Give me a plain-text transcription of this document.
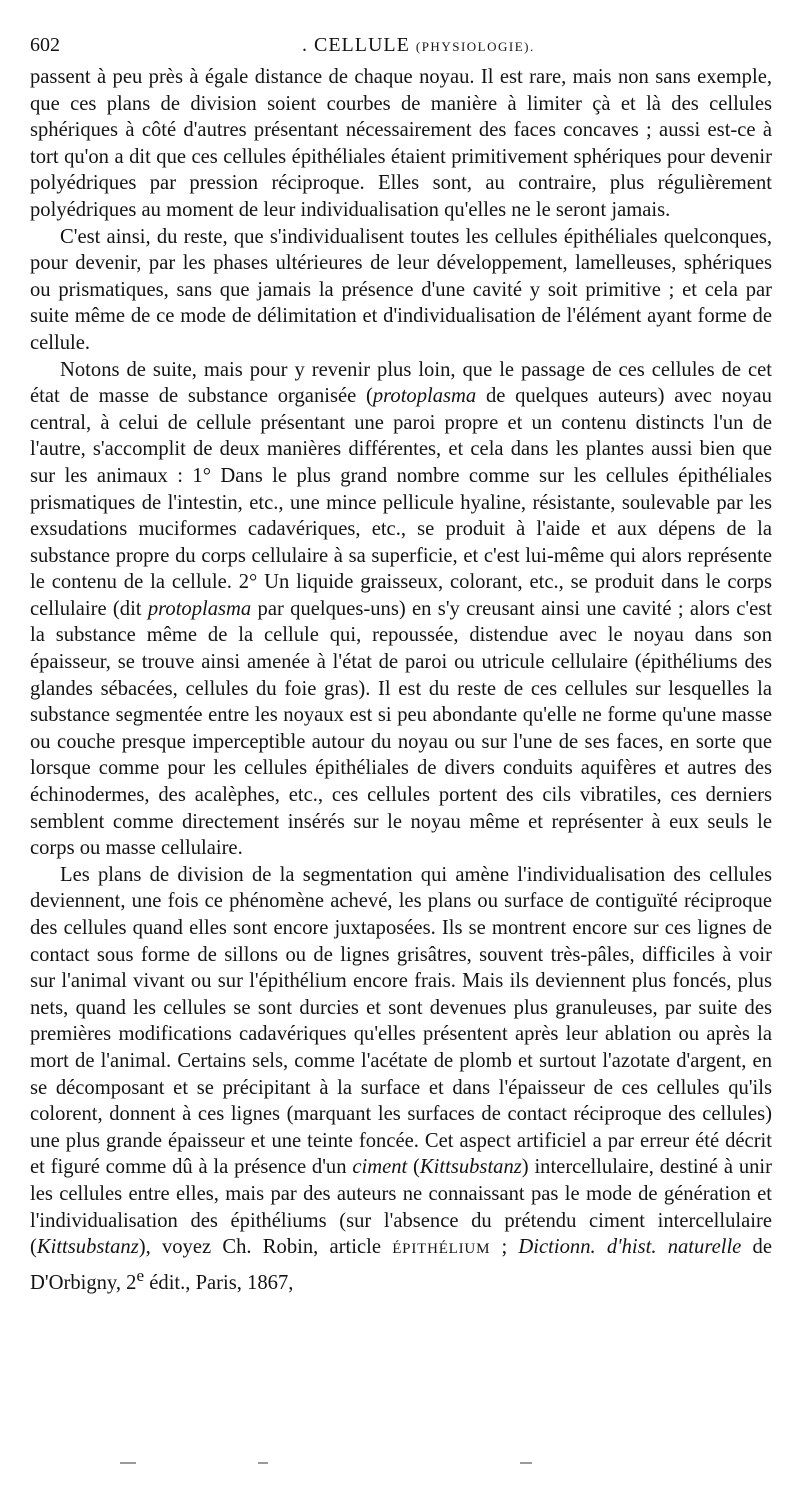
602	. CELLULE (PHYSIOLOGIE).

passent à peu près à égale distance de chaque noyau. Il est rare, mais non sans exemple, que ces plans de division soient courbes de manière à limiter çà et là des cellules sphériques à côté d'autres présentant nécessairement des faces concaves ; aussi est-ce à tort qu'on a dit que ces cellules épithéliales étaient primitivement sphériques pour devenir polyédriques par pression réciproque. Elles sont, au contraire, plus régulièrement polyédriques au moment de leur individualisation qu'elles ne le seront jamais.

C'est ainsi, du reste, que s'individualisent toutes les cellules épithéliales quelconques, pour devenir, par les phases ultérieures de leur développement, lamelleuses, sphériques ou prismatiques, sans que jamais la présence d'une cavité y soit primitive ; et cela par suite même de ce mode de délimitation et d'individualisation de l'élément ayant forme de cellule.

Notons de suite, mais pour y revenir plus loin, que le passage de ces cellules de cet état de masse de substance organisée (protoplasma de quelques auteurs) avec noyau central, à celui de cellule présentant une paroi propre et un contenu distincts l'un de l'autre, s'accomplit de deux manières différentes, et cela dans les plantes aussi bien que sur les animaux : 1° Dans le plus grand nombre comme sur les cellules épithéliales prismatiques de l'intestin, etc., une mince pellicule hyaline, résistante, soulevable par les exsudations muciformes cadavériques, etc., se produit à l'aide et aux dépens de la substance propre du corps cellulaire à sa superficie, et c'est lui-même qui alors représente le contenu de la cellule. 2° Un liquide graisseux, colorant, etc., se produit dans le corps cellulaire (dit protoplasma par quelques-uns) en s'y creusant ainsi une cavité ; alors c'est la substance même de la cellule qui, repoussée, distendue avec le noyau dans son épaisseur, se trouve ainsi amenée à l'état de paroi ou utricule cellulaire (épithéliums des glandes sébacées, cellules du foie gras). Il est du reste de ces cellules sur lesquelles la substance segmentée entre les noyaux est si peu abondante qu'elle ne forme qu'une masse ou couche presque imperceptible autour du noyau ou sur l'une de ses faces, en sorte que lorsque comme pour les cellules épithéliales de divers conduits aquifères et autres des échinodermes, des acalèphes, etc., ces cellules portent des cils vibratiles, ces derniers semblent comme directement insérés sur le noyau même et représenter à eux seuls le corps ou masse cellulaire.

Les plans de division de la segmentation qui amène l'individualisation des cellules deviennent, une fois ce phénomène achevé, les plans ou surface de contiguïté réciproque des cellules quand elles sont encore juxtaposées. Ils se montrent encore sur ces lignes de contact sous forme de sillons ou de lignes grisâtres, souvent très-pâles, difficiles à voir sur l'animal vivant ou sur l'épithélium encore frais. Mais ils deviennent plus foncés, plus nets, quand les cellules se sont durcies et sont devenues plus granuleuses, par suite des premières modifications cadavériques qu'elles présentent après leur ablation ou après la mort de l'animal. Certains sels, comme l'acétate de plomb et surtout l'azotate d'argent, en se décomposant et se précipitant à la surface et dans l'épaisseur de ces cellules qu'ils colorent, donnent à ces lignes (marquant les surfaces de contact réciproque des cellules) une plus grande épaisseur et une teinte foncée. Cet aspect artificiel a par erreur été décrit et figuré comme dû à la présence d'un ciment (Kittsubstanz) intercellulaire, destiné à unir les cellules entre elles, mais par des auteurs ne connaissant pas le mode de génération et l'individualisation des épithéliums (sur l'absence du prétendu ciment intercellulaire (Kittsubstanz), voyez Ch. Robin, article ÉPITHÉLIUM ; Dictionn. d'hist. naturelle de D'Orbigny, 2e édit., Paris, 1867,
